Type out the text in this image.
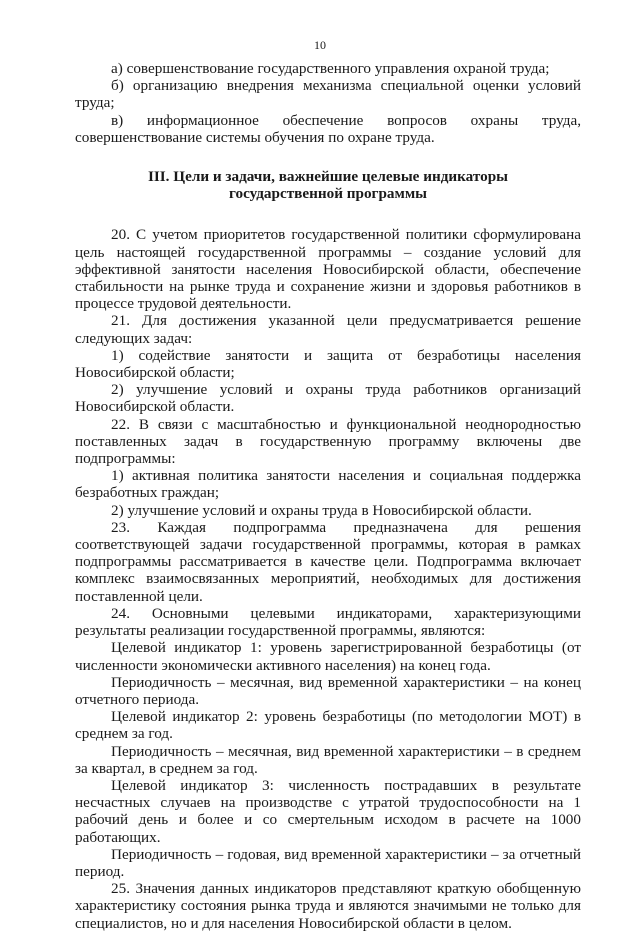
10

а) совершенствование государственного управления охраной труда;

б) организацию внедрения механизма специальной оценки условий труда;

в) информационное обеспечение вопросов охраны труда, совершенствование системы обучения по охране труда.

III. Цели и задачи, важнейшие целевые индикаторы государственной программы

20. С учетом приоритетов государственной политики сформулирована цель настоящей государственной программы – создание условий для эффективной занятости населения Новосибирской области, обеспечение стабильности на рынке труда и сохранение жизни и здоровья работников в процессе трудовой деятельности.

21. Для достижения указанной цели предусматривается решение следующих задач:

1) содействие занятости и защита от безработицы населения Новосибирской области;

2) улучшение условий и охраны труда работников организаций Новосибирской области.

22. В связи с масштабностью и функциональной неоднородностью поставленных задач в государственную программу включены две подпрограммы:

1) активная политика занятости населения и социальная поддержка безработных граждан;

2) улучшение условий и охраны труда в Новосибирской области.

23. Каждая подпрограмма предназначена для решения соответствующей задачи государственной программы, которая в рамках подпрограммы рассматривается в качестве цели. Подпрограмма включает комплекс взаимосвязанных мероприятий, необходимых для достижения поставленной цели.

24. Основными целевыми индикаторами, характеризующими результаты реализации государственной программы, являются:

Целевой индикатор 1: уровень зарегистрированной безработицы (от численности экономически активного населения) на конец года.

Периодичность – месячная, вид временной характеристики – на конец отчетного периода.

Целевой индикатор 2: уровень безработицы (по методологии МОТ) в среднем за год.

Периодичность – месячная, вид временной характеристики – в среднем за квартал, в среднем за год.

Целевой индикатор 3: численность пострадавших в результате несчастных случаев на производстве с утратой трудоспособности на 1 рабочий день и более и со смертельным исходом в расчете на 1000 работающих.

Периодичность – годовая, вид временной характеристики – за отчетный период.

25. Значения данных индикаторов представляют краткую обобщенную характеристику состояния рынка труда и являются значимыми не только для специалистов, но и для населения Новосибирской области в целом.
